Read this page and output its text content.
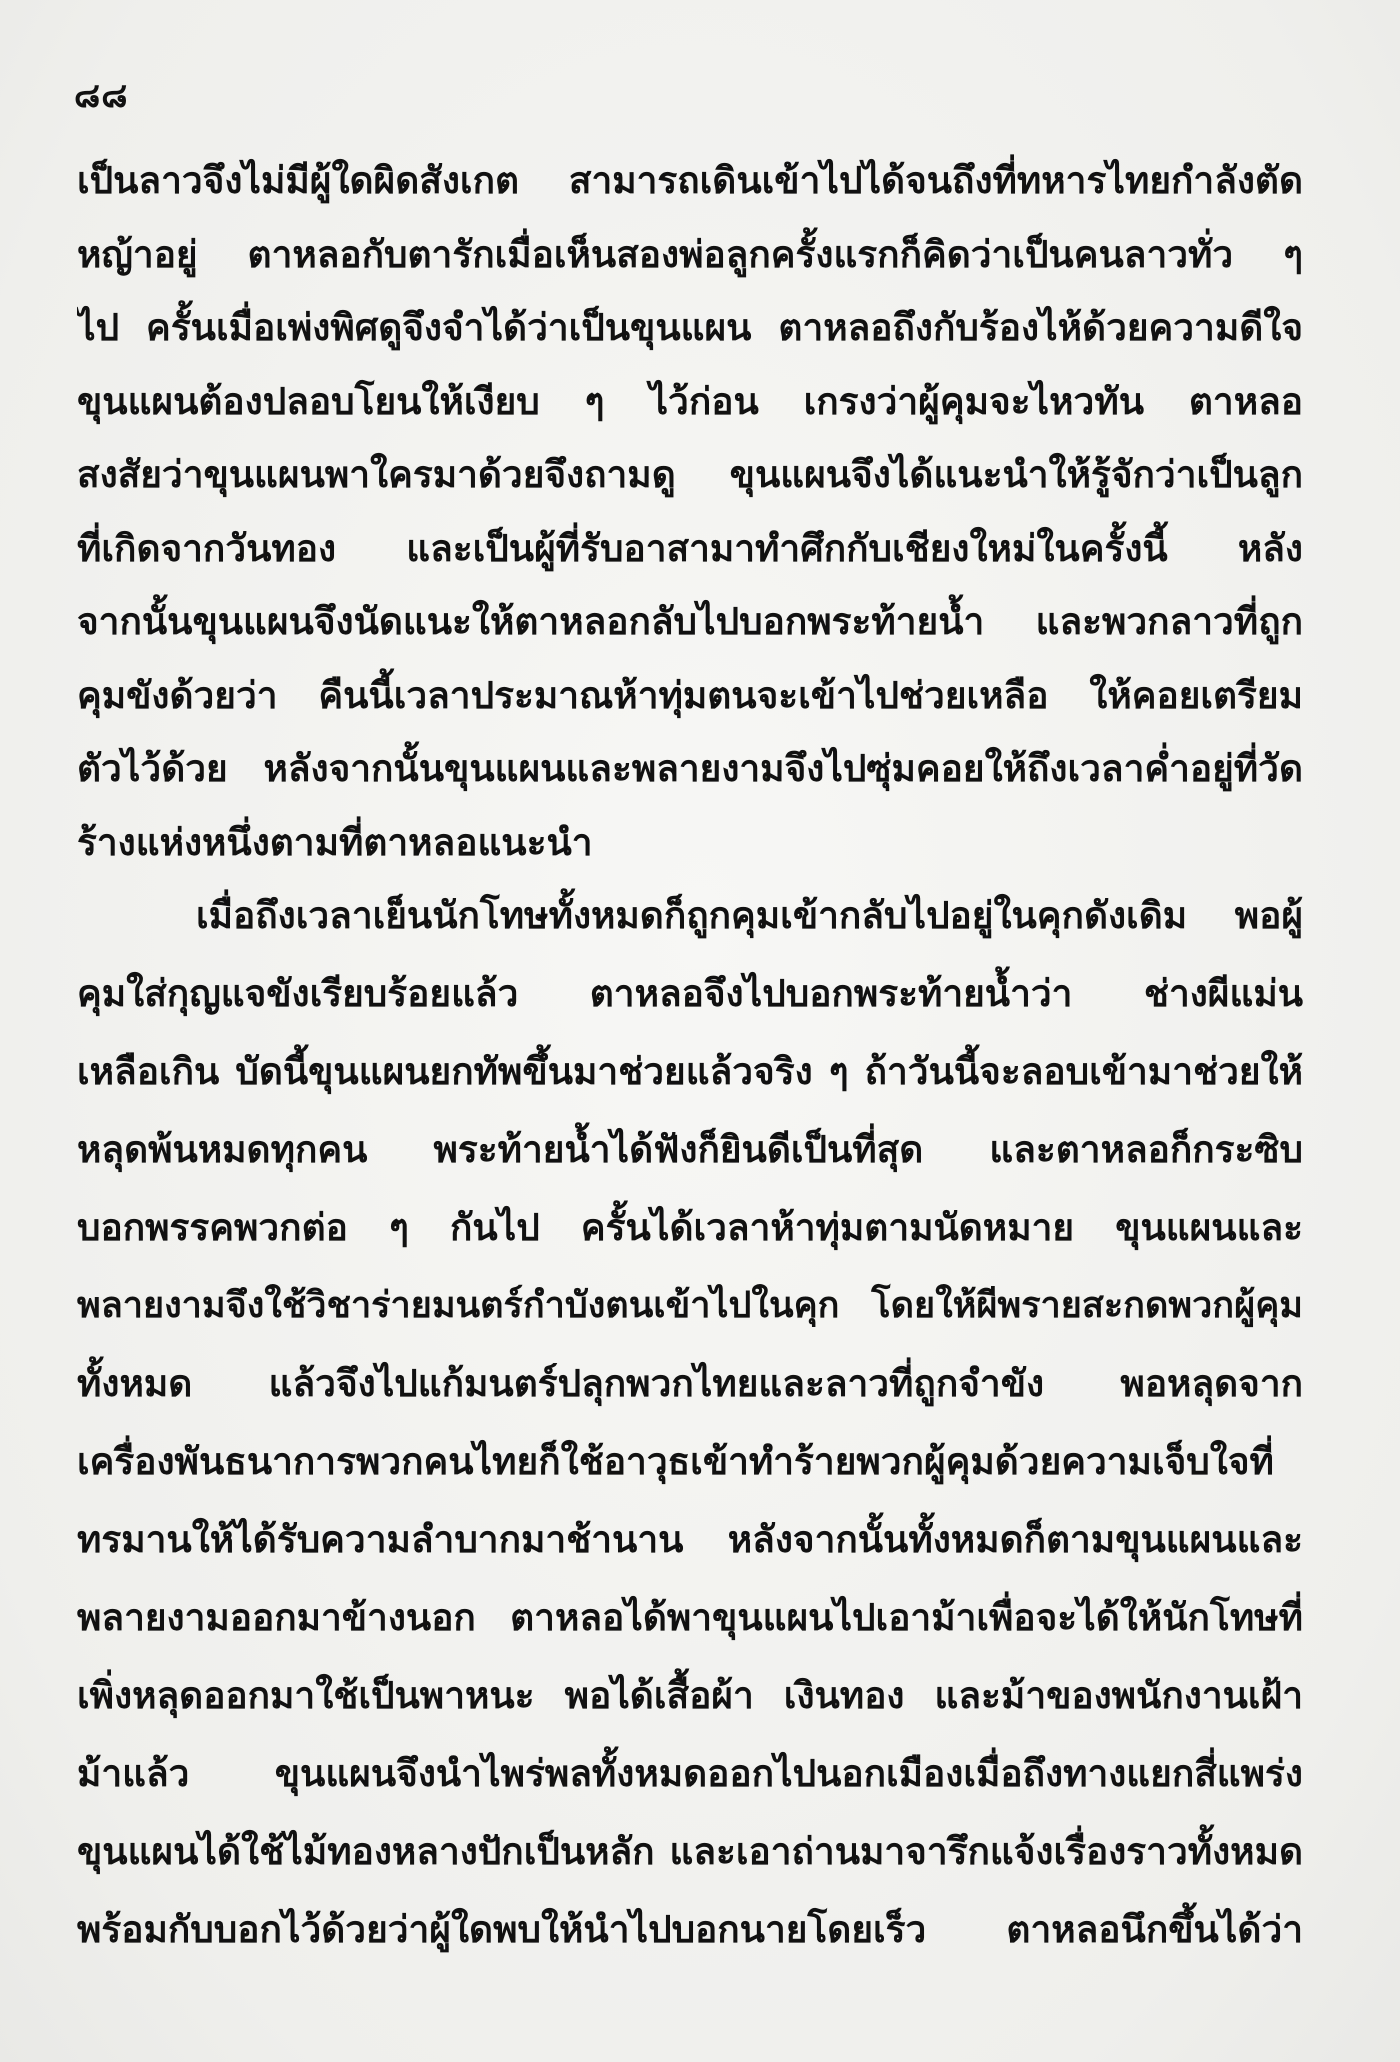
๘๘
เป็นลาวจึงไม่มีผู้ใดผิดสังเกต สามารถเดินเข้าไปได้จนถึงที่ทหารไทยกำลังตัด
หญ้าอยู่ ตาหลอกับตารักเมื่อเห็นสองพ่อลูกครั้งแรกก็คิดว่าเป็นคนลาวทั่ว ๆ
ไป ครั้นเมื่อเพ่งพิศดูจึงจำได้ว่าเป็นขุนแผน ตาหลอถึงกับร้องไห้ด้วยความดีใจ
ขุนแผนต้องปลอบโยนให้เงียบ ๆ ไว้ก่อน เกรงว่าผู้คุมจะไหวทัน ตาหลอ
สงสัยว่าขุนแผนพาใครมาด้วยจึงถามดู ขุนแผนจึงได้แนะนำให้รู้จักว่าเป็นลูก
ที่เกิดจากวันทอง และเป็นผู้ที่รับอาสามาทำศึกกับเชียงใหม่ในครั้งนี้ หลัง
จากนั้นขุนแผนจึงนัดแนะให้ตาหลอกลับไปบอกพระท้ายน้ำ และพวกลาวที่ถูก
คุมขังด้วยว่า คืนนี้เวลาประมาณห้าทุ่มตนจะเข้าไปช่วยเหลือ ให้คอยเตรียม
ตัวไว้ด้วย หลังจากนั้นขุนแผนและพลายงามจึงไปซุ่มคอยให้ถึงเวลาค่ำอยู่ที่วัด
ร้างแห่งหนึ่งตามที่ตาหลอแนะนำ
เมื่อถึงเวลาเย็นนักโทษทั้งหมดก็ถูกคุมเข้ากลับไปอยู่ในคุกดังเดิม พอผู้
คุมใส่กุญแจขังเรียบร้อยแล้ว ตาหลอจึงไปบอกพระท้ายน้ำว่า ช่างผีแม่น
เหลือเกิน บัดนี้ขุนแผนยกทัพขึ้นมาช่วยแล้วจริง ๆ ถ้าวันนี้จะลอบเข้ามาช่วยให้
หลุดพ้นหมดทุกคน พระท้ายน้ำได้ฟังก็ยินดีเป็นที่สุด และตาหลอก็กระซิบ
บอกพรรคพวกต่อ ๆ กันไป ครั้นได้เวลาห้าทุ่มตามนัดหมาย ขุนแผนและ
พลายงามจึงใช้วิชาร่ายมนตร์กำบังตนเข้าไปในคุก โดยให้ผีพรายสะกดพวกผู้คุม
ทั้งหมด แล้วจึงไปแก้มนตร์ปลุกพวกไทยและลาวที่ถูกจำขัง พอหลุดจาก
เครื่องพันธนาการพวกคนไทยก็ใช้อาวุธเข้าทำร้ายพวกผู้คุมด้วยความเจ็บใจที่
ทรมานให้ได้รับความลำบากมาช้านาน หลังจากนั้นทั้งหมดก็ตามขุนแผนและ
พลายงามออกมาข้างนอก ตาหลอได้พาขุนแผนไปเอาม้าเพื่อจะได้ให้นักโทษที่
เพิ่งหลุดออกมาใช้เป็นพาหนะ พอได้เสื้อผ้า เงินทอง และม้าของพนักงานเฝ้า
ม้าแล้ว ขุนแผนจึงนำไพร่พลทั้งหมดออกไปนอกเมืองเมื่อถึงทางแยกสี่แพร่ง
ขุนแผนได้ใช้ไม้ทองหลางปักเป็นหลัก และเอาถ่านมาจารึกแจ้งเรื่องราวทั้งหมด
พร้อมกับบอกไว้ด้วยว่าผู้ใดพบให้นำไปบอกนายโดยเร็ว ตาหลอนึกขึ้นได้ว่า
